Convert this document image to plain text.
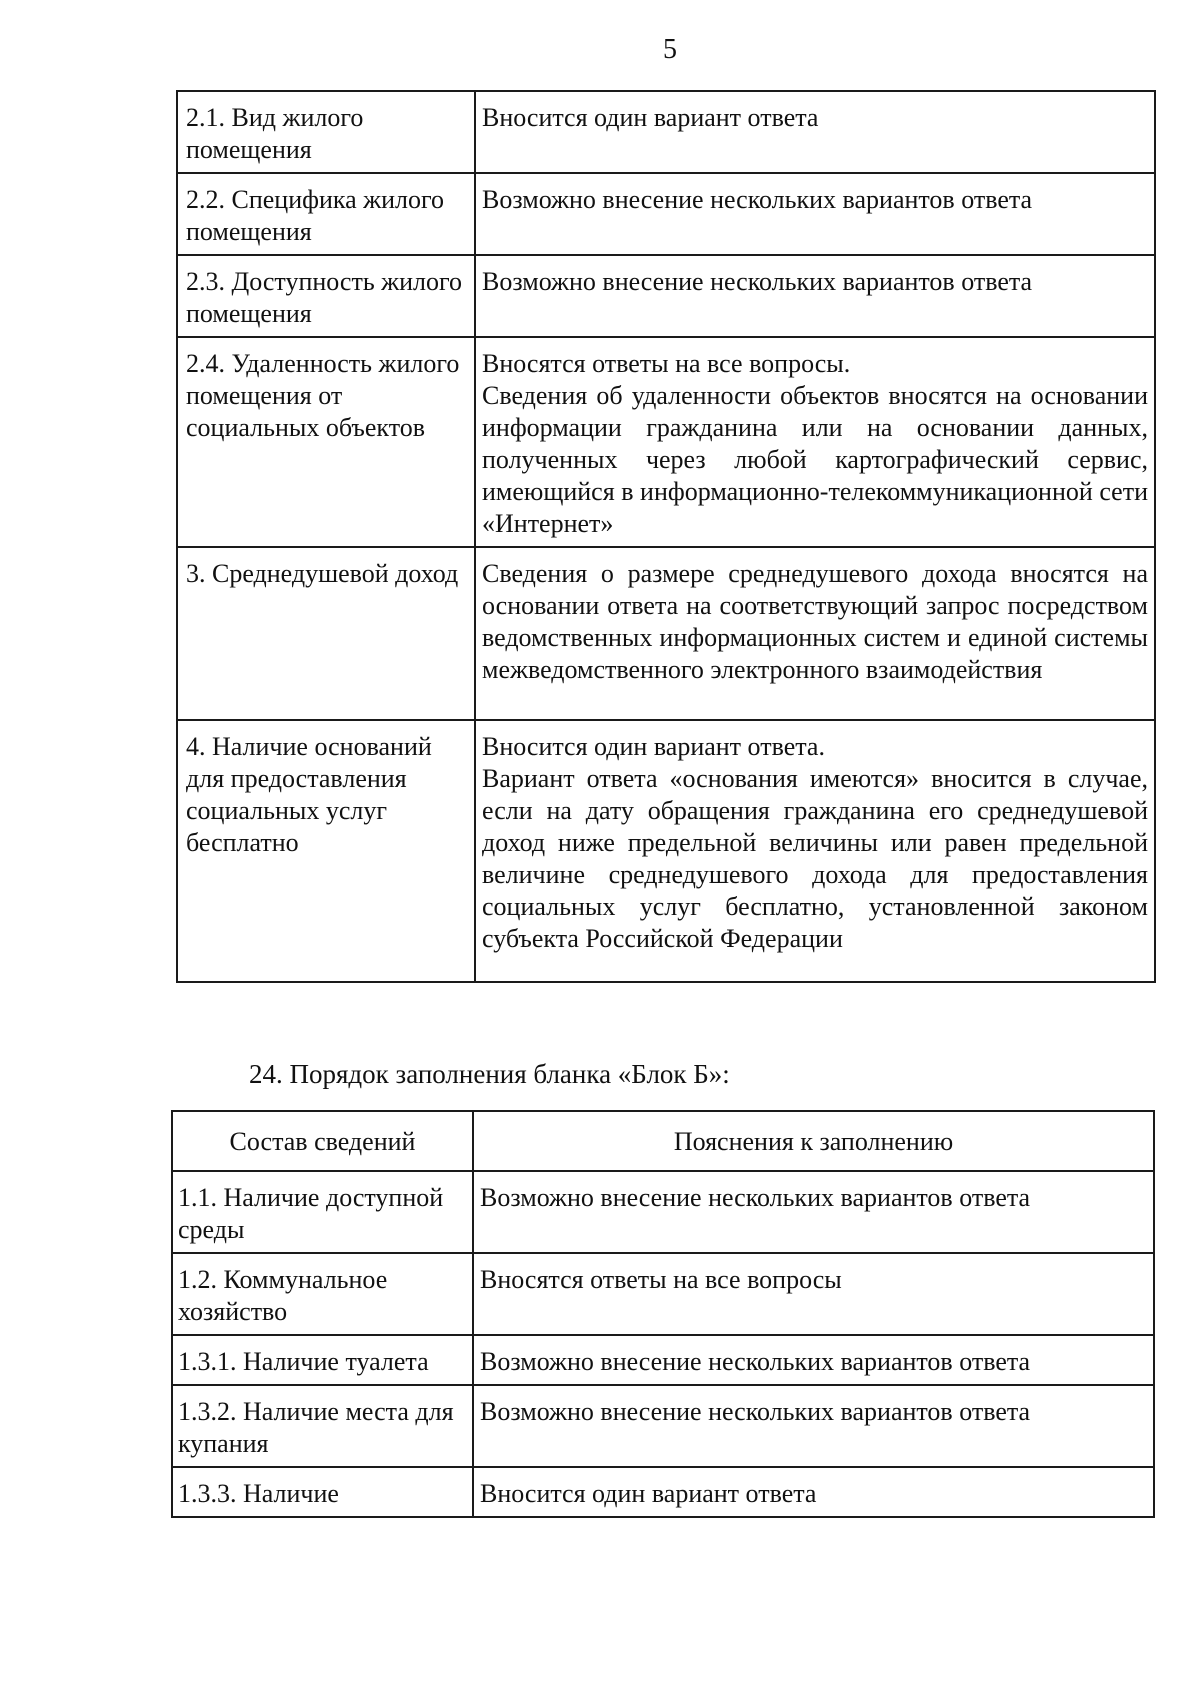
5
2.1. Вид жилого помещения	Вносится один вариант ответа
2.2. Специфика жилого помещения	Возможно внесение нескольких вариантов ответа
2.3. Доступность жилого помещения	Возможно внесение нескольких вариантов ответа
2.4. Удаленность жилого помещения от социальных объектов	Вносятся ответы на все вопросы.
Сведения об удаленности объектов вносятся на основании информации гражданина или на основании данных, полученных через любой картографический сервис, имеющийся в информационно-телекоммуникационной сети «Интернет»

3. Среднедушевой доход	Сведения о размере среднедушевого дохода вносятся на основании ответа на соответствующий запрос посредством ведомственных информационных систем и единой системы межведомственного электронного взаимодействия
4. Наличие оснований для предоставления социальных услуг бесплатно	Вносится один вариант ответа.
Вариант ответа «основания имеются» вносится в случае, если на дату обращения гражданина его среднедушевой доход ниже предельной величины или равен предельной величине среднедушевого дохода для предоставления социальных услуг бесплатно, установленной законом субъекта Российской Федерации
24. Порядок заполнения бланка «Блок Б»:
Состав сведений	Пояснения к заполнению
1.1. Наличие доступной среды	Возможно внесение нескольких вариантов ответа
1.2. Коммунальное хозяйство	Вносятся ответы на все вопросы
1.3.1. Наличие туалета	Возможно внесение нескольких вариантов ответа
1.3.2. Наличие места для купания	Возможно внесение нескольких вариантов ответа
1.3.3. Наличие	Вносится один вариант ответа
